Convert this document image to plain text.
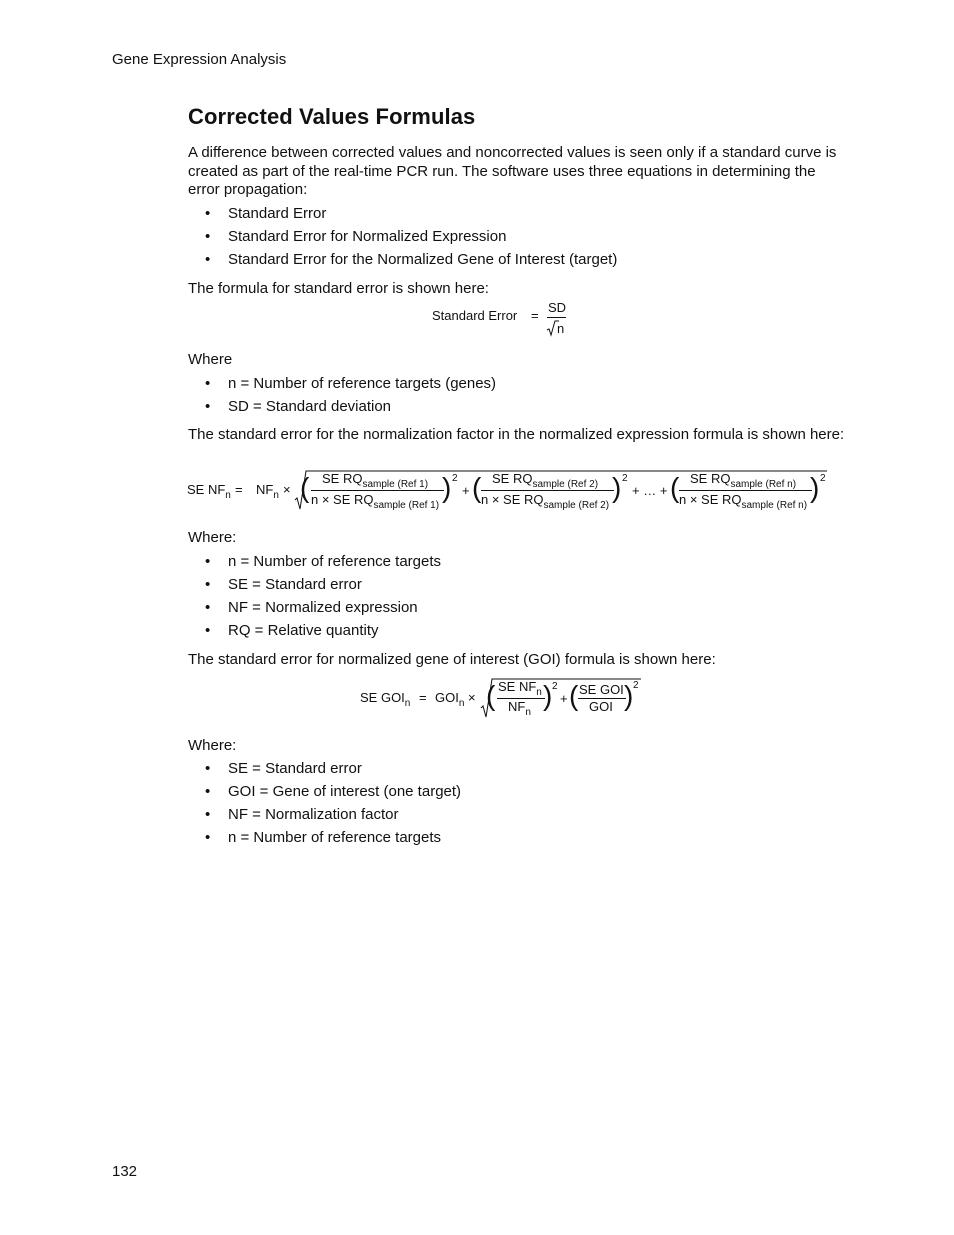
Gene Expression Analysis
Corrected Values Formulas

A difference between corrected values and noncorrected values is seen only if a standard curve is created as part of the real-time PCR run. The software uses three equations in determining the error propagation:

• Standard Error
• Standard Error for Normalized Expression
• Standard Error for the Normalized Gene of Interest (target)

The formula for standard error is shown here:

Standard Error =
SD
n

Where

• n = Number of reference targets (genes)
• SD = Standard deviation

The standard error for the normalization factor in the normalized expression formula is shown here:

SE $NF_n = NF_n$ × ( SE $RQ_{sample (Ref 1)}$
n × SE $RQ_{sample (Ref 1)}$
) 2
+ ( SE $RQ_{sample (Ref 2)}$
n × SE $RQ_{sample (Ref 2)}$
) 2
+ … + ( SE $RQ_{sample (Ref n)}$
n × SE $RQ_{sample (Ref n)}$
) 2

Where:

• n = Number of reference targets
• SE = Standard error
• NF = Normalized expression
• RQ = Relative quantity

The standard error for normalized gene of interest (GOI) formula is shown here:

SE $GOI_n = GOI_n$ × ( SE $NF_n$
$NF_n$
) 2
+ ( SE GOI
GOI ) 2

Where:

• SE = Standard error
• GOI = Gene of interest (one target)
• NF = Normalization factor
• n = Number of reference targets
132
